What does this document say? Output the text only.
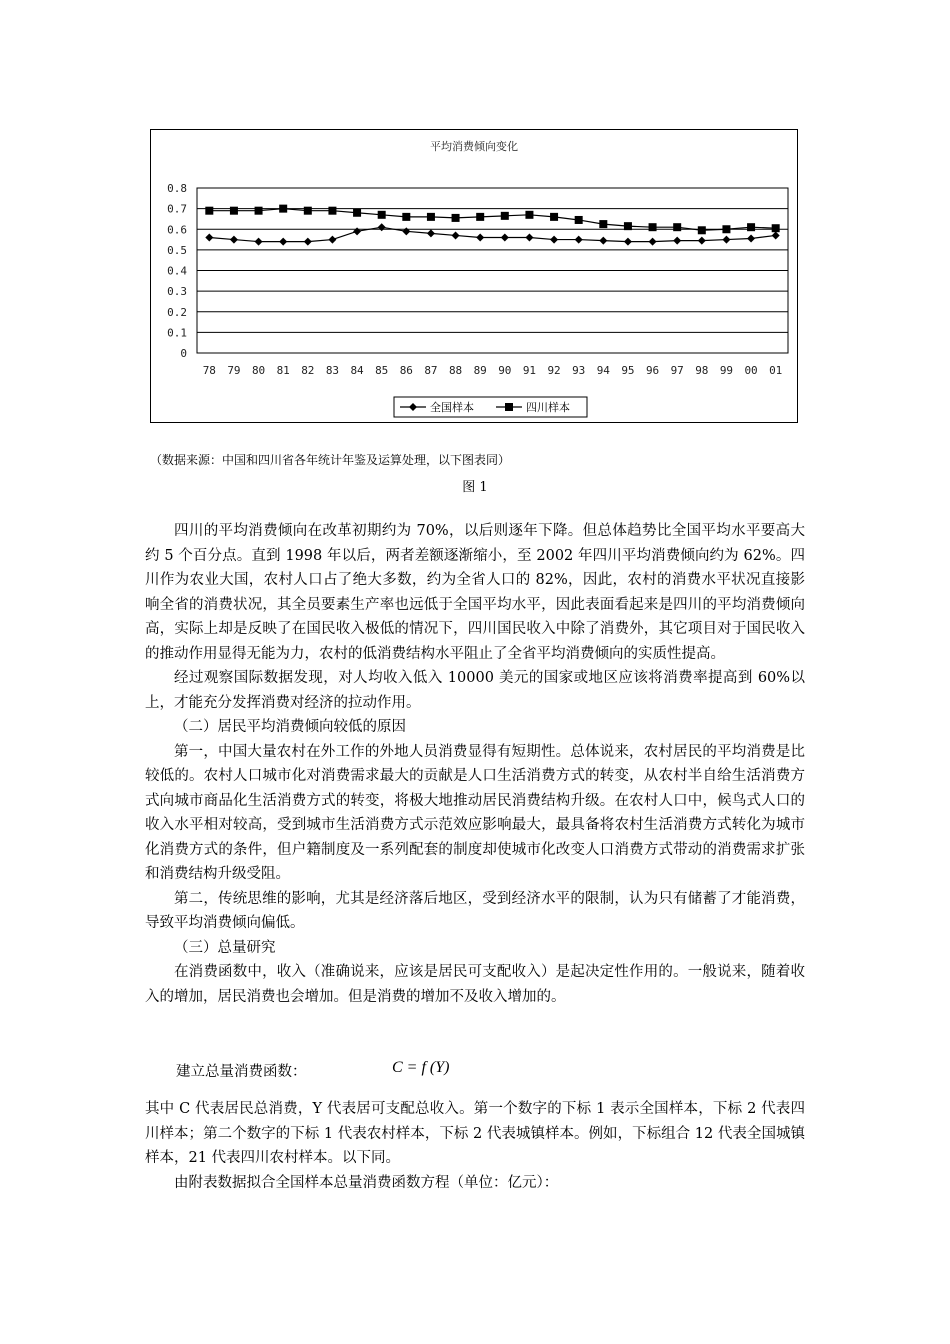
平均消费倾向变化
0.8
0.7
0.6
0.5
0.4
0.3
0.2
0.1
0
78 79 80 81 82 83 84 85 86 87 88 89 90 91 92 93 94 95 96 97 98 99 00 01
全国样本	四川样本
（数据来源：中国和四川省各年统计年鉴及运算处理，以下图表同）
图 1

四川的平均消费倾向在改革初期约为 70%，以后则逐年下降。但总体趋势比全国平均水平要高大约 5 个百分点。直到 1998 年以后，两者差额逐渐缩小，至 2002 年四川平均消费倾向约为 62%。四川作为农业大国，农村人口占了绝大多数，约为全省人口的 82%，因此，农村的消费水平状况直接影响全省的消费状况，其全员要素生产率也远低于全国平均水平，因此表面看起来是四川的平均消费倾向高，实际上却是反映了在国民收入极低的情况下，四川国民收入中除了消费外，其它项目对于国民收入的推动作用显得无能为力，农村的低消费结构水平阻止了全省平均消费倾向的实质性提高。

经过观察国际数据发现，对人均收入低入 10000 美元的国家或地区应该将消费率提高到 60%以上，才能充分发挥消费对经济的拉动作用。

（二）居民平均消费倾向较低的原因

第一，中国大量农村在外工作的外地人员消费显得有短期性。总体说来，农村居民的平均消费是比较低的。农村人口城市化对消费需求最大的贡献是人口生活消费方式的转变，从农村半自给生活消费方式向城市商品化生活消费方式的转变，将极大地推动居民消费结构升级。在农村人口中，候鸟式人口的收入水平相对较高，受到城市生活消费方式示范效应影响最大，最具备将农村生活消费方式转化为城市化消费方式的条件，但户籍制度及一系列配套的制度却使城市化改变人口消费方式带动的消费需求扩张和消费结构升级受阻。

第二，传统思维的影响，尤其是经济落后地区，受到经济水平的限制，认为只有储蓄了才能消费，导致平均消费倾向偏低。

（三）总量研究

在消费函数中，收入（准确说来，应该是居民可支配收入）是起决定性作用的。一般说来，随着收入的增加，居民消费也会增加。但是消费的增加不及收入增加的。

建立总量消费函数：	C = f (Y)

其中 C 代表居民总消费，Y 代表居可支配总收入。第一个数字的下标 1 表示全国样本，下标 2 代表四川样本；第二个数字的下标 1 代表农村样本，下标 2 代表城镇样本。例如，下标组合 12 代表全国城镇样本，21 代表四川农村样本。以下同。

由附表数据拟合全国样本总量消费函数方程（单位：亿元）：
